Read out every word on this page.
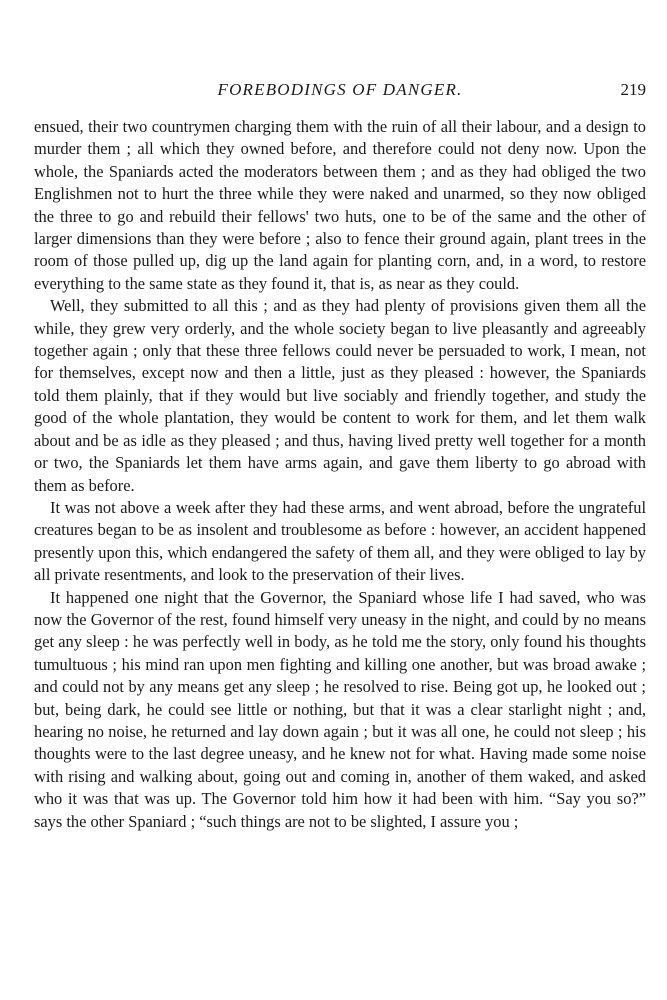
FOREBODINGS OF DANGER.	219

ensued, their two countrymen charging them with the ruin of all their labour, and a design to murder them ; all which they owned before, and therefore could not deny now. Upon the whole, the Spaniards acted the moderators between them ; and as they had obliged the two Englishmen not to hurt the three while they were naked and unarmed, so they now obliged the three to go and rebuild their fellows' two huts, one to be of the same and the other of larger dimensions than they were before ; also to fence their ground again, plant trees in the room of those pulled up, dig up the land again for planting corn, and, in a word, to restore everything to the same state as they found it, that is, as near as they could.

Well, they submitted to all this ; and as they had plenty of provisions given them all the while, they grew very orderly, and the whole society began to live pleasantly and agreeably together again ; only that these three fellows could never be persuaded to work, I mean, not for themselves, except now and then a little, just as they pleased : however, the Spaniards told them plainly, that if they would but live sociably and friendly together, and study the good of the whole plantation, they would be content to work for them, and let them walk about and be as idle as they pleased ; and thus, having lived pretty well together for a month or two, the Spaniards let them have arms again, and gave them liberty to go abroad with them as before.

It was not above a week after they had these arms, and went abroad, before the ungrateful creatures began to be as insolent and troublesome as before : however, an accident happened presently upon this, which endangered the safety of them all, and they were obliged to lay by all private resentments, and look to the preservation of their lives.

It happened one night that the Governor, the Spaniard whose life I had saved, who was now the Governor of the rest, found himself very uneasy in the night, and could by no means get any sleep : he was perfectly well in body, as he told me the story, only found his thoughts tumultuous ; his mind ran upon men fighting and killing one another, but was broad awake ; and could not by any means get any sleep ; he resolved to rise. Being got up, he looked out ; but, being dark, he could see little or nothing, but that it was a clear starlight night ; and, hearing no noise, he returned and lay down again ; but it was all one, he could not sleep ; his thoughts were to the last degree uneasy, and he knew not for what. Having made some noise with rising and walking about, going out and coming in, another of them waked, and asked who it was that was up. The Governor told him how it had been with him. “Say you so?” says the other Spaniard ; “such things are not to be slighted, I assure you ;
